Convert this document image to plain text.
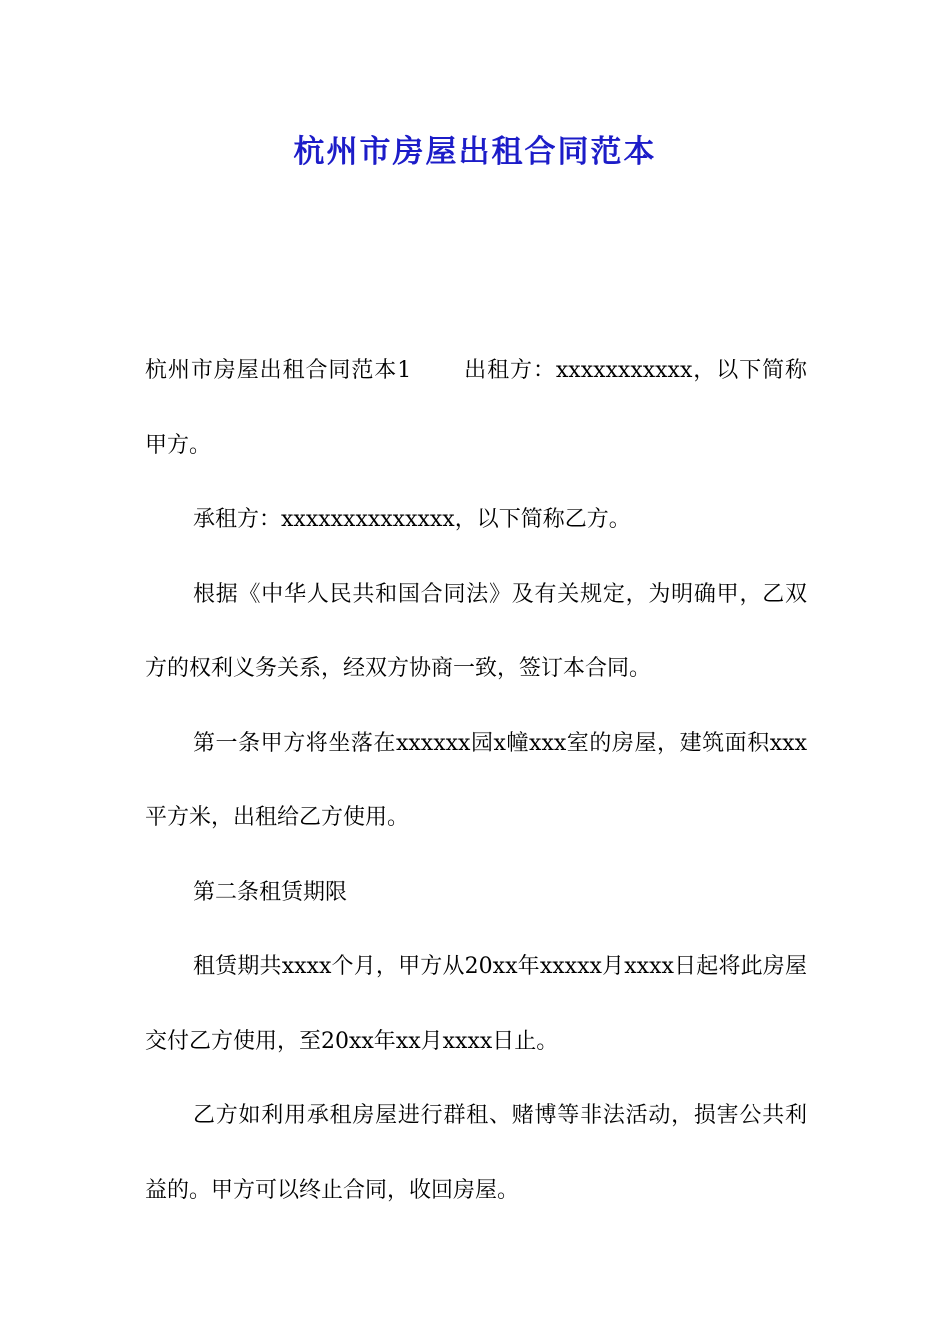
杭州市房屋出租合同范本

杭州市房屋出租合同范本1 出租方：xxxxxxxxxxx，以下简称甲方。

承租方：xxxxxxxxxxxxxx，以下简称乙方。

根据《中华人民共和国合同法》及有关规定，为明确甲，乙双方的权利义务关系，经双方协商一致，签订本合同。

第一条甲方将坐落在xxxxxx园x幢xxx室的房屋，建筑面积xxx平方米，出租给乙方使用。

第二条租赁期限

租赁期共xxxx个月，甲方从20xx年xxxxx月xxxx日起将此房屋交付乙方使用，至20xx年xx月xxxx日止。

乙方如利用承租房屋进行群租、赌博等非法活动，损害公共利益的。甲方可以终止合同，收回房屋。
